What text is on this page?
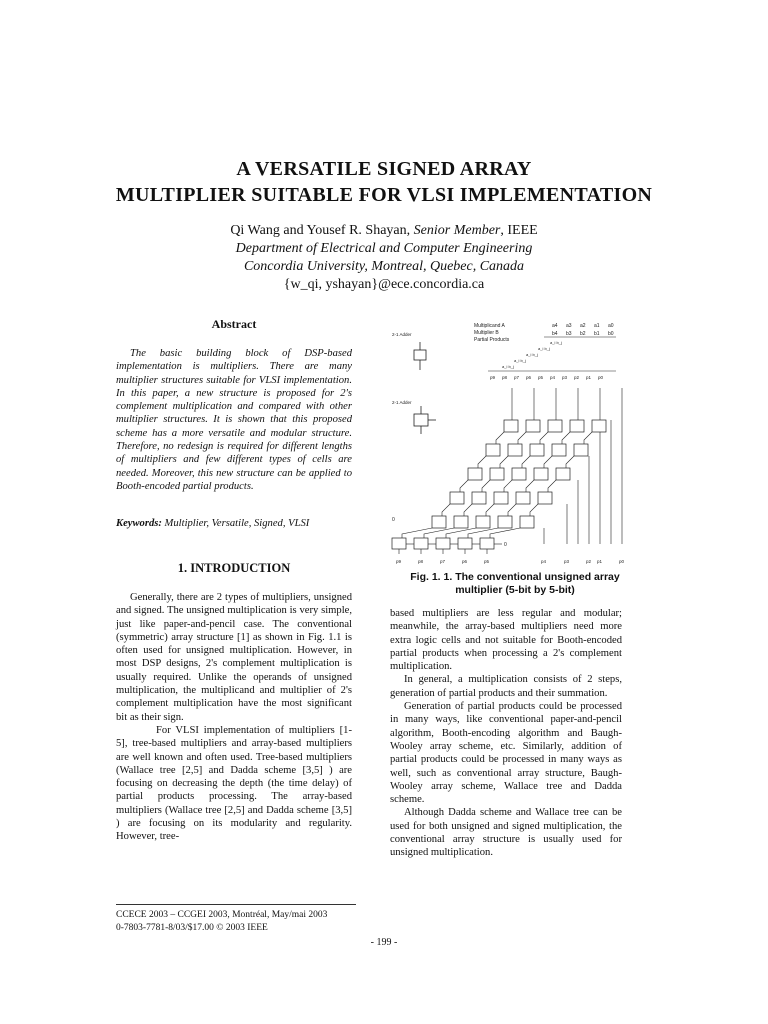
A VERSATILE SIGNED ARRAY
MULTIPLIER SUITABLE FOR VLSI IMPLEMENTATION
Qi Wang and Yousef R. Shayan, Senior Member, IEEE
Department of Electrical and Computer Engineering
Concordia University, Montreal, Quebec, Canada
{w_qi, yshayan}@ece.concordia.ca
Abstract
The basic building block of DSP-based implementation is multipliers. There are many multiplier structures suitable for VLSI implementation. In this paper, a new structure is proposed for 2's complement multiplication and compared with other multiplier structures. It is shown that this proposed scheme has a more versatile and modular structure. Therefore, no redesign is required for different lengths of multipliers and few different types of cells are needed. Moreover, this new structure can be applied to Booth-encoded partial products.
Keywords: Multiplier, Versatile, Signed, VLSI
1. INTRODUCTION

Generally, there are 2 types of multipliers, unsigned and signed. The unsigned multiplication is very simple, just like paper-and-pencil case. The conventional (symmetric) array structure [1] as shown in Fig. 1.1 is often used for unsigned multiplication. However, in most DSP designs, 2's complement multiplication is usually required. Unlike the operands of unsigned multiplication, the multiplicand and multiplier of 2's complement multiplication have the most significant bit as their sign.

For VLSI implementation of multipliers [1-5], tree-based multipliers and array-based multipliers are well known and often used. Tree-based multipliers (Wallace tree [2,5] and Dadda scheme [3,5] ) are focusing on decreasing the depth (the time delay) of partial products processing. The array-based multipliers (Wallace tree [2,5] and Dadda scheme [3,5] ) are focusing on its modularity and regularity. However, tree-

Multiplicand A
Multiplier B
Partial Products
a4 a3 a2 a1 a0
b4 b3 b2 b1 b0
a_i b_j
a_i b_j
a_i b_j
a_i b_j
a_i b_j
p9 p8 p7 p6 p5 p4 p3 p2 p1 p0
2-1 Adder
2-1 Adder
0
0
p9	p8	p7	p6	p5	p4	p3	p2 p1	p0
Fig. 1. 1. The conventional unsigned array
multiplier (5-bit by 5-bit)

based multipliers are less regular and modular; meanwhile, the array-based multipliers need more extra logic cells and not suitable for Booth-encoded partial products when processing a 2's complement multiplication.

In general, a multiplication consists of 2 steps, generation of partial products and their summation.

Generation of partial products could be processed in many ways, like conventional paper-and-pencil algorithm, Booth-encoding algorithm and Baugh-Wooley array scheme, etc. Similarly, addition of partial products could be processed in many ways as well, such as conventional array structure, Baugh-Wooley array scheme, Wallace tree and Dadda scheme.

Although Dadda scheme and Wallace tree can be used for both unsigned and signed multiplication, the conventional array structure is usually used for unsigned multiplication.

CCECE 2003 – CCGEI 2003, Montréal, May/mai 2003
0-7803-7781-8/03/$17.00 © 2003 IEEE
- 199 -
